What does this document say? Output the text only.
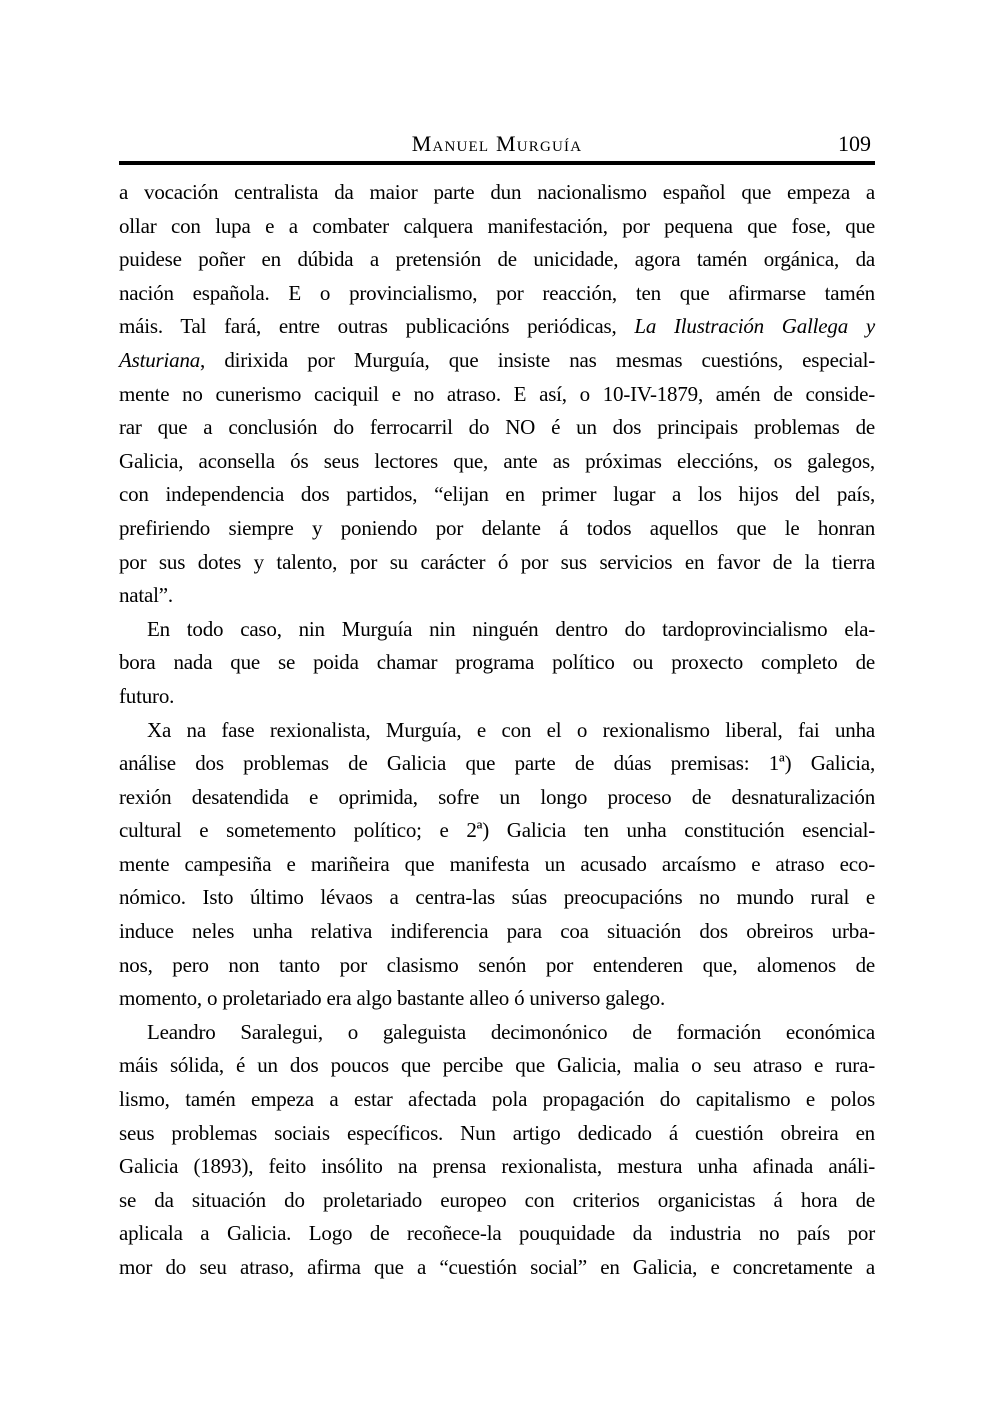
Manuel Murguía	109
a vocación centralista da maior parte dun nacionalismo español que empeza a
ollar con lupa e a combater calquera manifestación, por pequena que fose, que
puidese poñer en dúbida a pretensión de unicidade, agora tamén orgánica, da
nación española. E o provincialismo, por reacción, ten que afirmarse tamén
máis. Tal fará, entre outras publicacións periódicas, La Ilustración Gallega y
Asturiana, dirixida por Murguía, que insiste nas mesmas cuestións, especial-
mente no cunerismo caciquil e no atraso. E así, o 10-IV-1879, amén de conside-
rar que a conclusión do ferrocarril do NO é un dos principais problemas de
Galicia, aconsella ós seus lectores que, ante as próximas eleccións, os galegos,
con independencia dos partidos, “elijan en primer lugar a los hijos del país,
prefiriendo siempre y poniendo por delante á todos aquellos que le honran
por sus dotes y talento, por su carácter ó por sus servicios en favor de la tierra
natal”.
En todo caso, nin Murguía nin ninguén dentro do tardoprovincialismo ela-
bora nada que se poida chamar programa político ou proxecto completo de
futuro.
Xa na fase rexionalista, Murguía, e con el o rexionalismo liberal, fai unha
análise dos problemas de Galicia que parte de dúas premisas: 1ª) Galicia,
rexión desatendida e oprimida, sofre un longo proceso de desnaturalización
cultural e sometemento político; e 2ª) Galicia ten unha constitución esencial-
mente campesiña e mariñeira que manifesta un acusado arcaísmo e atraso eco-
nómico. Isto último lévaos a centra-las súas preocupacións no mundo rural e
induce neles unha relativa indiferencia para coa situación dos obreiros urba-
nos, pero non tanto por clasismo senón por entenderen que, alomenos de
momento, o proletariado era algo bastante alleo ó universo galego.
Leandro Saralegui, o galeguista decimonónico de formación económica
máis sólida, é un dos poucos que percibe que Galicia, malia o seu atraso e rura-
lismo, tamén empeza a estar afectada pola propagación do capitalismo e polos
seus problemas sociais específicos. Nun artigo dedicado á cuestión obreira en
Galicia (1893), feito insólito na prensa rexionalista, mestura unha afinada análi-
se da situación do proletariado europeo con criterios organicistas á hora de
aplicala a Galicia. Logo de recoñece-la pouquidade da industria no país por
mor do seu atraso, afirma que a “cuestión social” en Galicia, e concretamente a
